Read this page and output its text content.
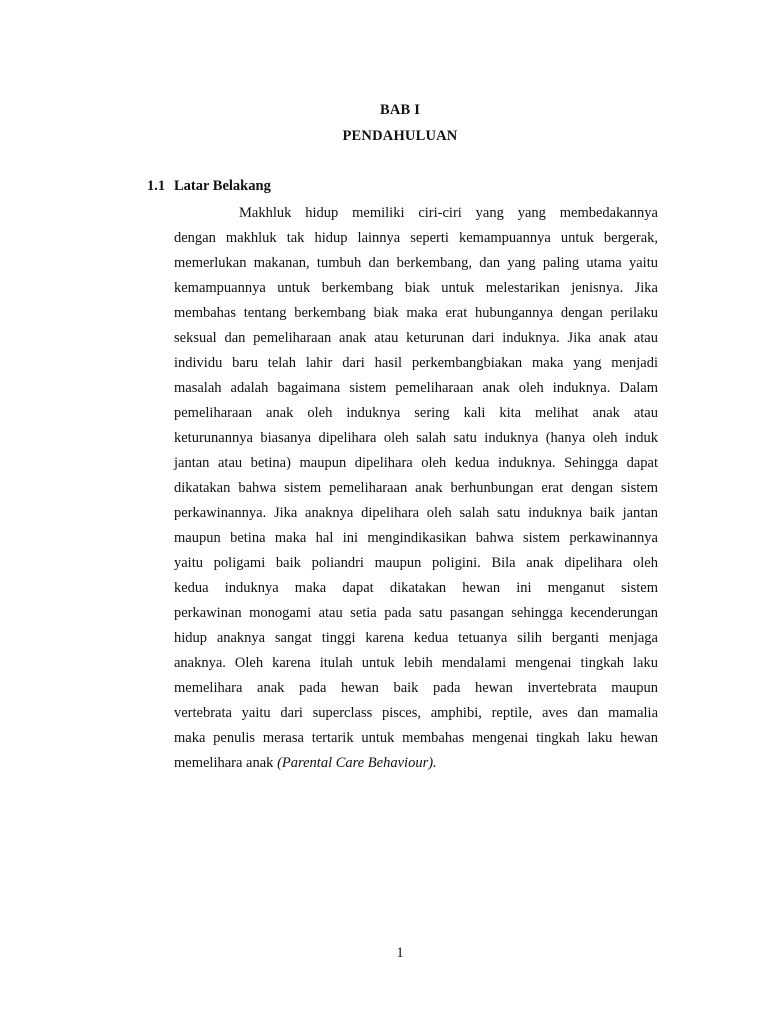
BAB I
PENDAHULUAN
1.1 Latar Belakang
Makhluk hidup memiliki ciri-ciri yang yang membedakannya
dengan makhluk tak hidup lainnya seperti kemampuannya untuk bergerak,
memerlukan makanan, tumbuh dan berkembang, dan yang paling utama yaitu
kemampuannya untuk berkembang biak untuk melestarikan jenisnya. Jika
membahas tentang berkembang biak maka erat hubungannya dengan perilaku
seksual dan pemeliharaan anak atau keturunan dari induknya. Jika anak atau
individu baru telah lahir dari hasil perkembangbiakan maka yang menjadi
masalah adalah bagaimana sistem pemeliharaan anak oleh induknya. Dalam
pemeliharaan anak oleh induknya sering kali kita melihat anak atau
keturunannya biasanya dipelihara oleh salah satu induknya (hanya oleh induk
jantan atau betina) maupun dipelihara oleh kedua induknya. Sehingga dapat
dikatakan bahwa sistem pemeliharaan anak berhunbungan erat dengan sistem
perkawinannya. Jika anaknya dipelihara oleh salah satu induknya baik jantan
maupun betina maka hal ini mengindikasikan bahwa sistem perkawinannya
yaitu poligami baik poliandri maupun poligini. Bila anak dipelihara oleh
kedua induknya maka dapat dikatakan hewan ini menganut sistem
perkawinan monogami atau setia pada satu pasangan sehingga kecenderungan
hidup anaknya sangat tinggi karena kedua tetuanya silih berganti menjaga
anaknya. Oleh karena itulah untuk lebih mendalami mengenai tingkah laku
memelihara anak pada hewan baik pada hewan invertebrata maupun
vertebrata yaitu dari superclass pisces, amphibi, reptile, aves dan mamalia
maka penulis merasa tertarik untuk membahas mengenai tingkah laku hewan
memelihara anak (Parental Care Behaviour).
1
